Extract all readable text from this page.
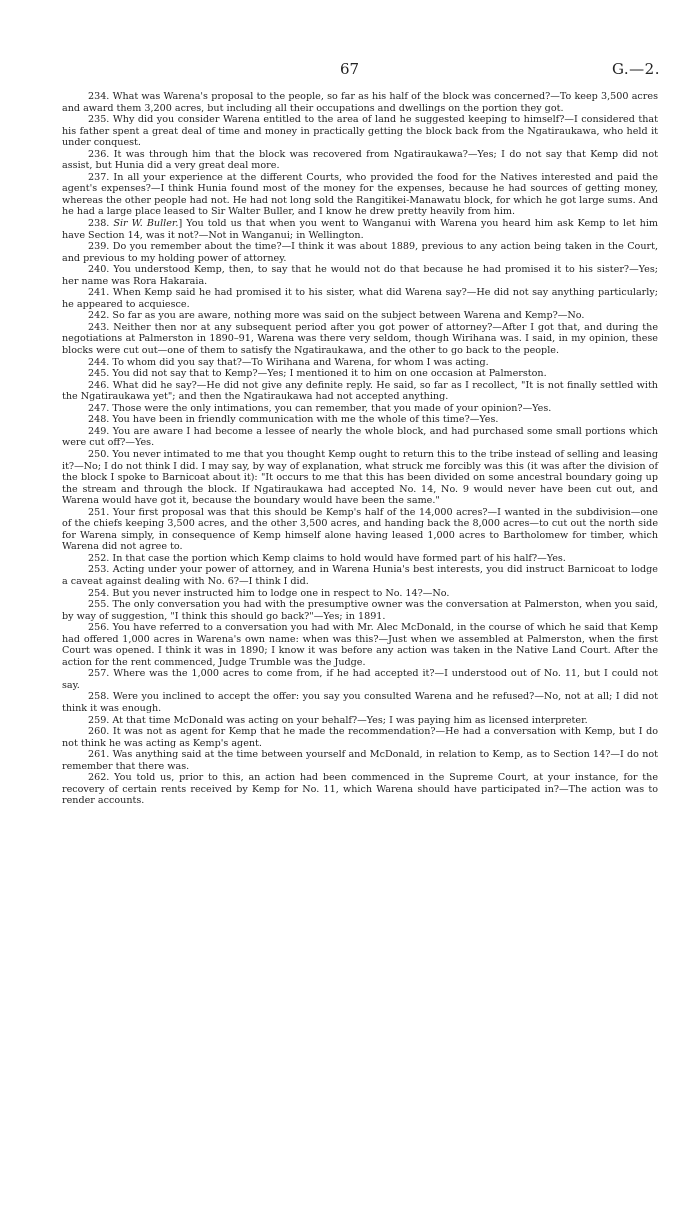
67	G.—2.

234. What was Warena's proposal to the people, so far as his half of the block was concerned?—To keep 3,500 acres and award them 3,200 acres, but including all their occupations and dwellings on the portion they got.

235. Why did you consider Warena entitled to the area of land he suggested keeping to himself?—I considered that his father spent a great deal of time and money in practically getting the block back from the Ngatiraukawa, who held it under conquest.

236. It was through him that the block was recovered from Ngatiraukawa?—Yes; I do not say that Kemp did not assist, but Hunia did a very great deal more.

237. In all your experience at the different Courts, who provided the food for the Natives interested and paid the agent's expenses?—I think Hunia found most of the money for the expenses, because he had sources of getting money, whereas the other people had not. He had not long sold the Rangitikei-Manawatu block, for which he got large sums. And he had a large place leased to Sir Walter Buller, and I know he drew pretty heavily from him.

238. Sir W. Buller.] You told us that when you went to Wanganui with Warena you heard him ask Kemp to let him have Section 14, was it not?—Not in Wanganui; in Wellington.

239. Do you remember about the time?—I think it was about 1889, previous to any action being taken in the Court, and previous to my holding power of attorney.

240. You understood Kemp, then, to say that he would not do that because he had promised it to his sister?—Yes; her name was Rora Hakaraia.

241. When Kemp said he had promised it to his sister, what did Warena say?—He did not say anything particularly; he appeared to acquiesce.

242. So far as you are aware, nothing more was said on the subject between Warena and Kemp?—No.

243. Neither then nor at any subsequent period after you got power of attorney?—After I got that, and during the negotiations at Palmerston in 1890–91, Warena was there very seldom, though Wirihana was. I said, in my opinion, these blocks were cut out—one of them to satisfy the Ngatiraukawa, and the other to go back to the people.

244. To whom did you say that?—To Wirihana and Warena, for whom I was acting.

245. You did not say that to Kemp?—Yes; I mentioned it to him on one occasion at Palmerston.

246. What did he say?—He did not give any definite reply. He said, so far as I recollect, "It is not finally settled with the Ngatiraukawa yet"; and then the Ngatiraukawa had not accepted anything.

247. Those were the only intimations, you can remember, that you made of your opinion?—Yes.

248. You have been in friendly communication with me the whole of this time?—Yes.

249. You are aware I had become a lessee of nearly the whole block, and had purchased some small portions which were cut off?—Yes.

250. You never intimated to me that you thought Kemp ought to return this to the tribe instead of selling and leasing it?—No; I do not think I did. I may say, by way of explanation, what struck me forcibly was this (it was after the division of the block I spoke to Barnicoat about it): "It occurs to me that this has been divided on some ancestral boundary going up the stream and through the block. If Ngatiraukawa had accepted No. 14, No. 9 would never have been cut out, and Warena would have got it, because the boundary would have been the same."

251. Your first proposal was that this should be Kemp's half of the 14,000 acres?—I wanted in the subdivision—one of the chiefs keeping 3,500 acres, and the other 3,500 acres, and handing back the 8,000 acres—to cut out the north side for Warena simply, in consequence of Kemp himself alone having leased 1,000 acres to Bartholomew for timber, which Warena did not agree to.

252. In that case the portion which Kemp claims to hold would have formed part of his half?—Yes.

253. Acting under your power of attorney, and in Warena Hunia's best interests, you did instruct Barnicoat to lodge a caveat against dealing with No. 6?—I think I did.

254. But you never instructed him to lodge one in respect to No. 14?—No.

255. The only conversation you had with the presumptive owner was the conversation at Palmerston, when you said, by way of suggestion, "I think this should go back?"—Yes; in 1891.

256. You have referred to a conversation you had with Mr. Alec McDonald, in the course of which he said that Kemp had offered 1,000 acres in Warena's own name: when was this?—Just when we assembled at Palmerston, when the first Court was opened. I think it was in 1890; I know it was before any action was taken in the Native Land Court. After the action for the rent commenced, Judge Trumble was the Judge.

257. Where was the 1,000 acres to come from, if he had accepted it?—I understood out of No. 11, but I could not say.

258. Were you inclined to accept the offer: you say you consulted Warena and he refused?—No, not at all; I did not think it was enough.

259. At that time McDonald was acting on your behalf?—Yes; I was paying him as licensed interpreter.

260. It was not as agent for Kemp that he made the recommendation?—He had a conversation with Kemp, but I do not think he was acting as Kemp's agent.

261. Was anything said at the time between yourself and McDonald, in relation to Kemp, as to Section 14?—I do not remember that there was.

262. You told us, prior to this, an action had been commenced in the Supreme Court, at your instance, for the recovery of certain rents received by Kemp for No. 11, which Warena should have participated in?—The action was to render accounts.
